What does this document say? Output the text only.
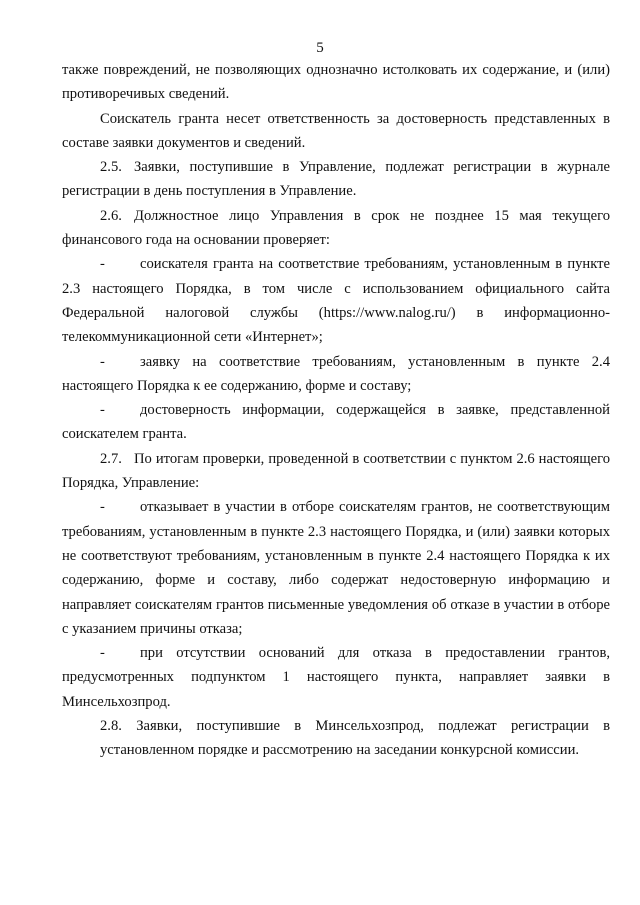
5

также повреждений, не позволяющих однозначно истолковать их содержание, и (или) противоречивых сведений.

Соискатель гранта несет ответственность за достоверность представленных в составе заявки документов и сведений.

2.5. Заявки, поступившие в Управление, подлежат регистрации в журнале регистрации в день поступления в Управление.

2.6. Должностное лицо Управления в срок не позднее 15 мая текущего финансового года на основании проверяет:

- соискателя гранта на соответствие требованиям, установленным в пункте 2.3 настоящего Порядка, в том числе с использованием официального сайта Федеральной налоговой службы (https://www.nalog.ru/) в информационно-телекоммуникационной сети «Интернет»;

- заявку на соответствие требованиям, установленным в пункте 2.4 настоящего Порядка к ее содержанию, форме и составу;

- достоверность информации, содержащейся в заявке, представленной соискателем гранта.

2.7. По итогам проверки, проведенной в соответствии с пунктом 2.6 настоящего Порядка, Управление:

- отказывает в участии в отборе соискателям грантов, не соответствующим требованиям, установленным в пункте 2.3 настоящего Порядка, и (или) заявки которых не соответствуют требованиям, установленным в пункте 2.4 настоящего Порядка к их содержанию, форме и составу, либо содержат недостоверную информацию и направляет соискателям грантов письменные уведомления об отказе в участии в отборе с указанием причины отказа;

- при отсутствии оснований для отказа в предоставлении грантов, предусмотренных подпунктом 1 настоящего пункта, направляет заявки в Минсельхозпрод.

2.8. Заявки, поступившие в Минсельхозпрод, подлежат регистрации в установленном порядке и рассмотрению на заседании конкурсной комиссии.
